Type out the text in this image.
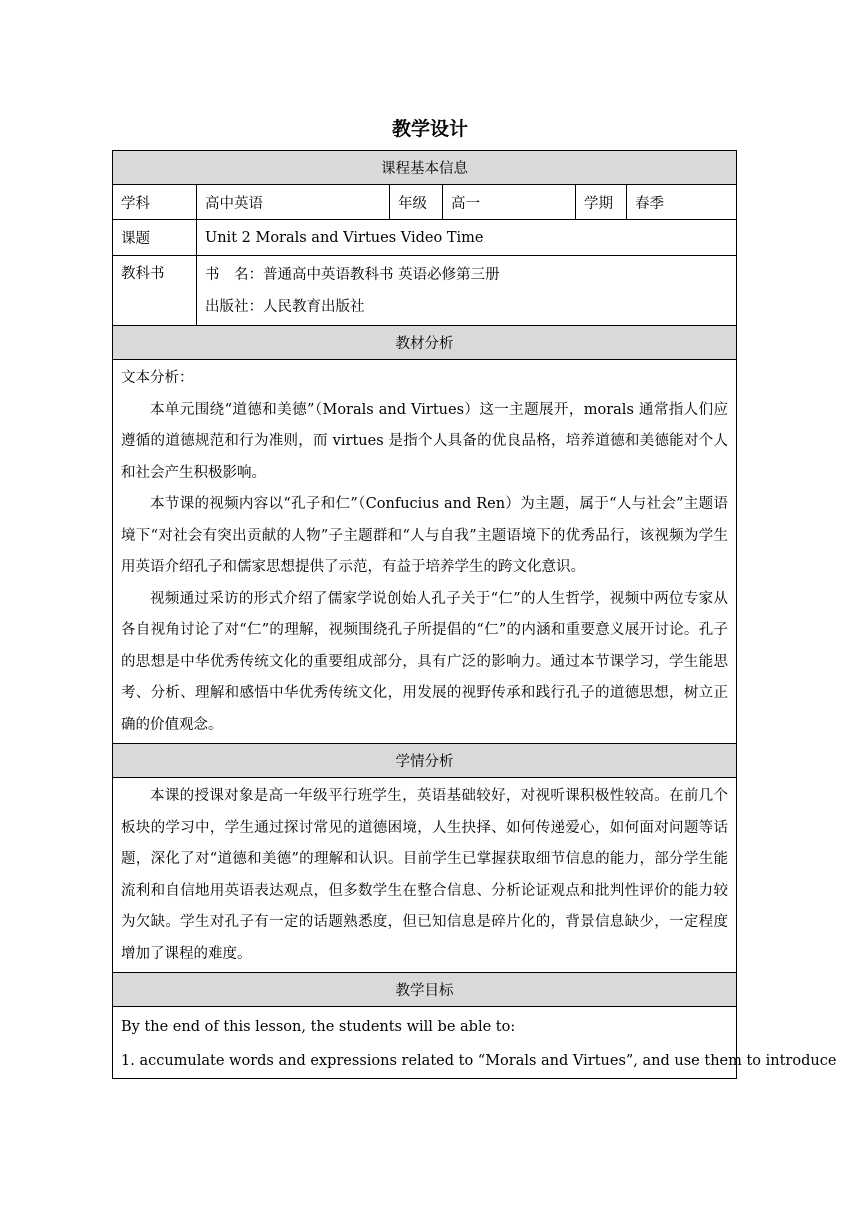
教学设计
课程基本信息
学科	高中英语	年级	高一	学期	春季
课题	Unit 2 Morals and Virtues Video Time
教科书	书　名：普通高中英语教科书 英语必修第三册
出版社：人民教育出版社
教材分析

文本分析：

本单元围绕“道德和美德”（Morals and Virtues）这一主题展开，morals 通常指人们应遵循的道德规范和行为准则，而 virtues 是指个人具备的优良品格，培养道德和美德能对个人和社会产生积极影响。

本节课的视频内容以“孔子和仁”（Confucius and Ren）为主题，属于“人与社会”主题语境下“对社会有突出贡献的人物”子主题群和“人与自我”主题语境下的优秀品行，该视频为学生用英语介绍孔子和儒家思想提供了示范，有益于培养学生的跨文化意识。

视频通过采访的形式介绍了儒家学说创始人孔子关于“仁”的人生哲学，视频中两位专家从各自视角讨论了对“仁”的理解，视频围绕孔子所提倡的“仁”的内涵和重要意义展开讨论。孔子的思想是中华优秀传统文化的重要组成部分，具有广泛的影响力。通过本节课学习，学生能思考、分析、理解和感悟中华优秀传统文化，用发展的视野传承和践行孔子的道德思想，树立正确的价值观念。

学情分析

本课的授课对象是高一年级平行班学生，英语基础较好，对视听课积极性较高。在前几个板块的学习中，学生通过探讨常见的道德困境，人生抉择、如何传递爱心，如何面对问题等话题，深化了对“道德和美德”的理解和认识。目前学生已掌握获取细节信息的能力，部分学生能流利和自信地用英语表达观点，但多数学生在整合信息、分析论证观点和批判性评价的能力较为欠缺。学生对孔子有一定的话题熟悉度，但已知信息是碎片化的，背景信息缺少，一定程度增加了课程的难度。

教学目标

By the end of this lesson, the students will be able to:

1. accumulate words and expressions related to “Morals and Virtues”, and use them to introduce
